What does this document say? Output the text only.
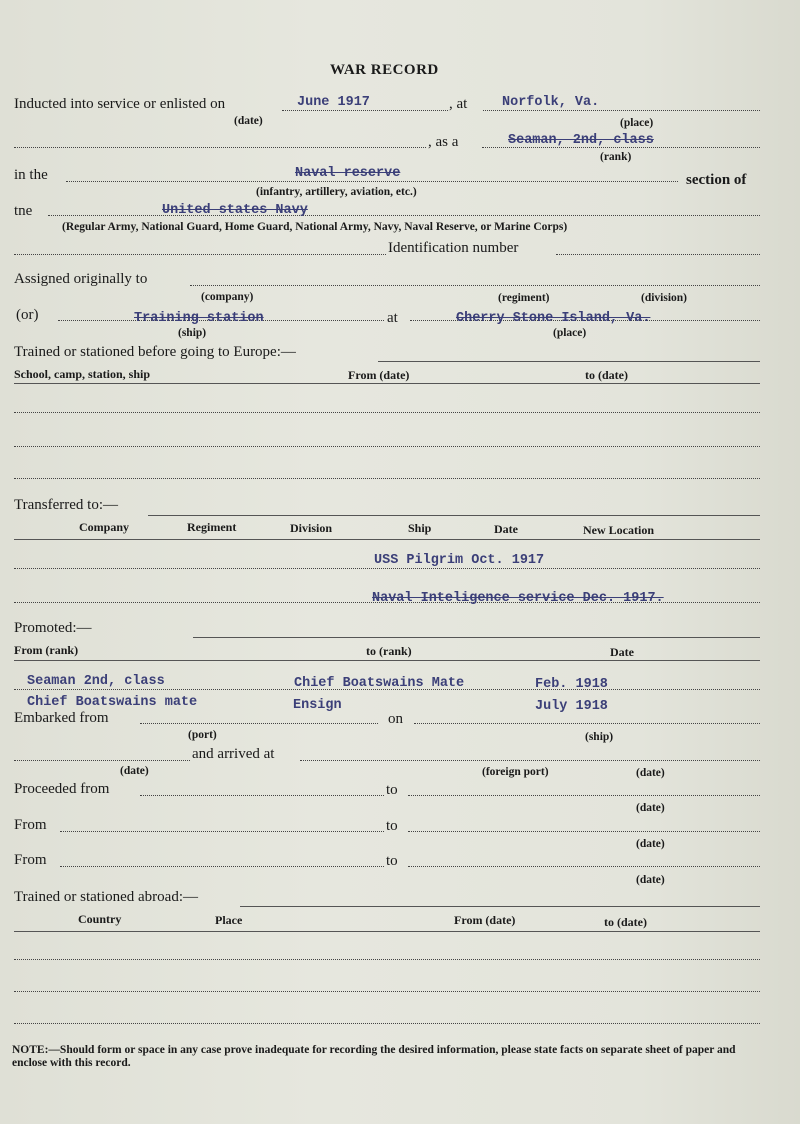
WAR RECORD
Inducted into service or enlisted on	June 1917	, at	Norfolk, Va.
(date)	(place)
, as a	Seaman, 2nd, class
(rank)
in the	Naval reserve	section of
(infantry, artillery, aviation, etc.)
tne	United states Navy
(Regular Army, National Guard, Home Guard, National Army, Navy, Naval Reserve, or Marine Corps)
Identification number
Assigned originally to
(company)	(regiment)	(division)
(or)	Training station
(ship)
at	Cherry Stone Island, Va.
(place)
Trained or stationed before going to Europe:—
School, camp, station, ship	From (date)	to (date)
Transferred to:—
Company	Regiment	Division	Ship	Date	New Location
USS Pilgrim Oct. 1917
Naval Inteligence service Dec. 1917.
Promoted:—
From (rank)	to (rank)	Date
Seaman 2nd, class	Chief Boatswains Mate	Feb. 1918
Chief Boatswains mate	Ensign	July 1918
Embarked from	on
(port)	(ship)
and arrived at
(date)	(foreign port)	(date)
Proceeded from	to
(date)
From	to
(date)
From	to
(date)
Trained or stationed abroad:—
Country	Place	From (date)	to (date)
NOTE:—Should form or space in any case prove inadequate for recording the desired information, please state facts on separate sheet of paper and enclose with this record.
